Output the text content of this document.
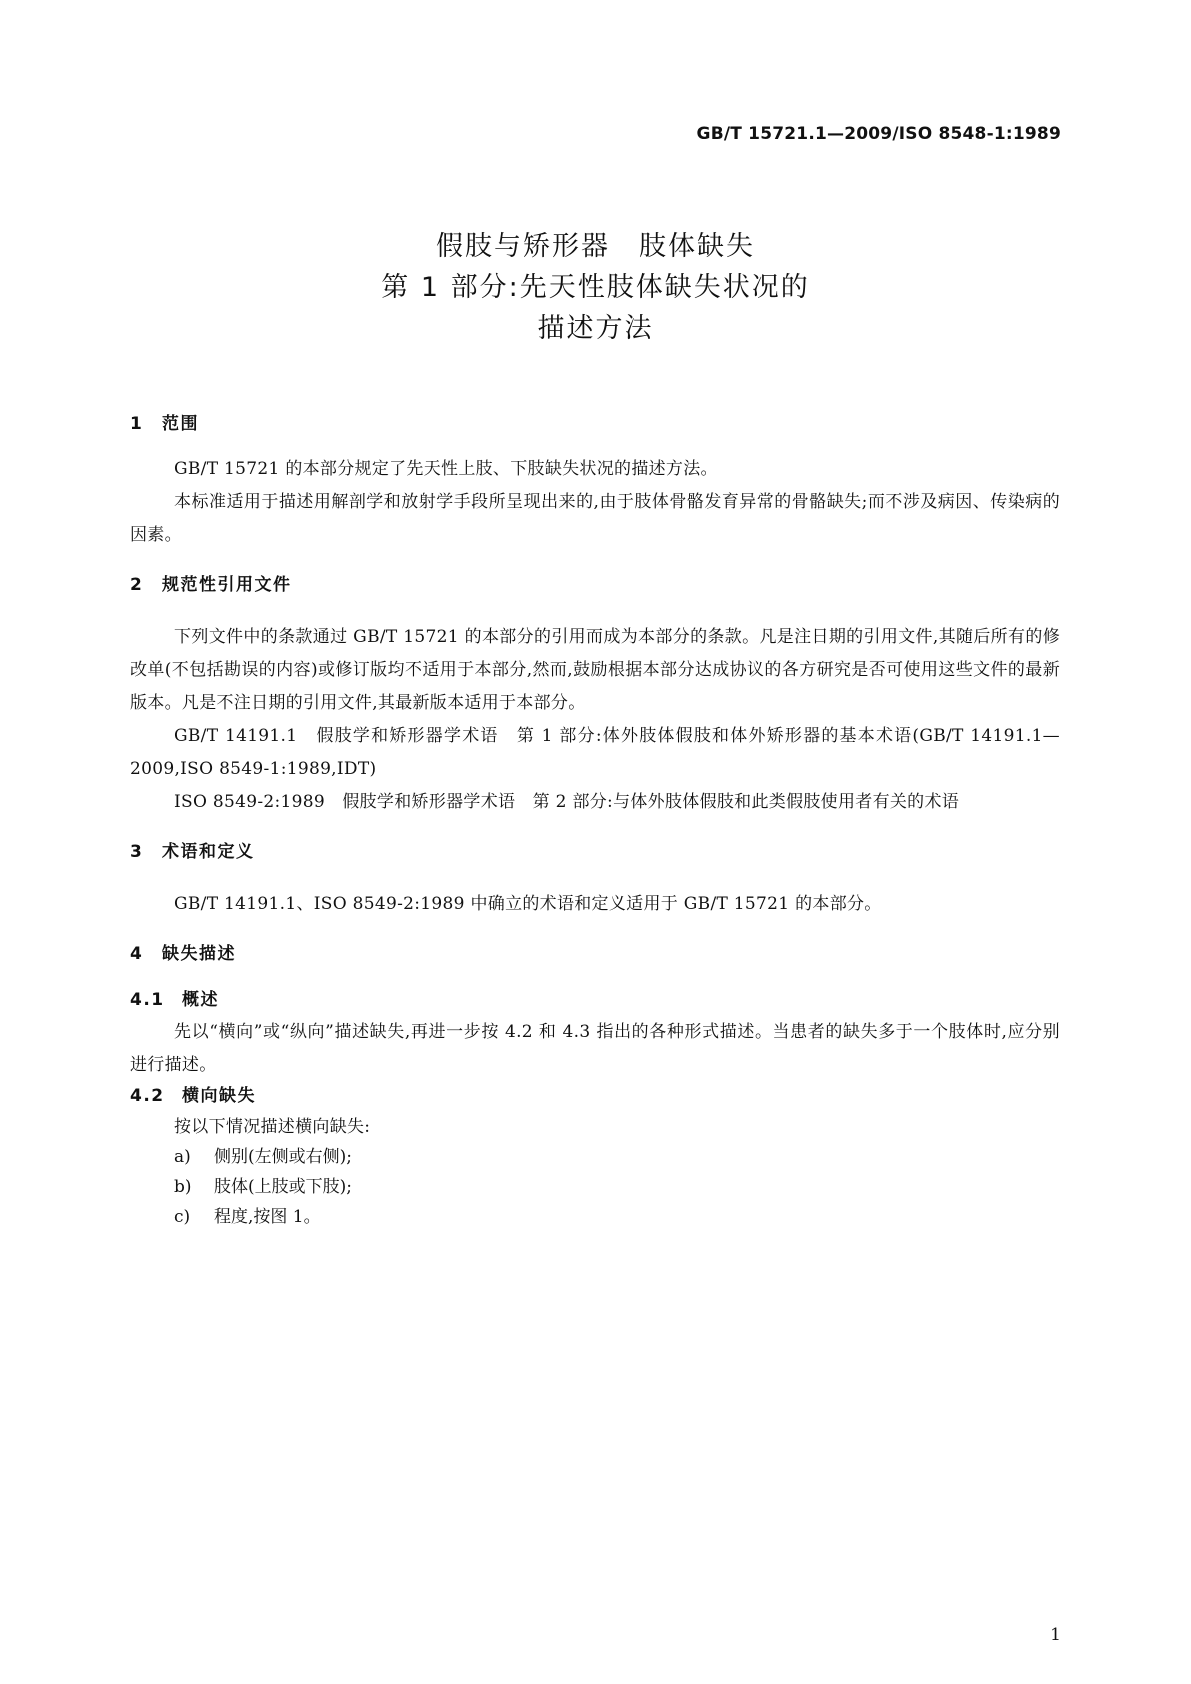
GB/T 15721.1—2009/ISO 8548-1:1989
假肢与矫形器　肢体缺失
第 1 部分:先天性肢体缺失状况的
描述方法
1 范围

GB/T 15721 的本部分规定了先天性上肢、下肢缺失状况的描述方法。

本标准适用于描述用解剖学和放射学手段所呈现出来的,由于肢体骨骼发育异常的骨骼缺失;而不涉及病因、传染病的因素。

2 规范性引用文件

下列文件中的条款通过 GB/T 15721 的本部分的引用而成为本部分的条款。凡是注日期的引用文件,其随后所有的修改单(不包括勘误的内容)或修订版均不适用于本部分,然而,鼓励根据本部分达成协议的各方研究是否可使用这些文件的最新版本。凡是不注日期的引用文件,其最新版本适用于本部分。

GB/T 14191.1　假肢学和矫形器学术语　第 1 部分:体外肢体假肢和体外矫形器的基本术语(GB/T 14191.1—2009,ISO 8549-1:1989,IDT)

ISO 8549-2:1989　假肢学和矫形器学术语　第 2 部分:与体外肢体假肢和此类假肢使用者有关的术语

3 术语和定义

GB/T 14191.1、ISO 8549-2:1989 中确立的术语和定义适用于 GB/T 15721 的本部分。

4 缺失描述
4.1 概述

先以“横向”或“纵向”描述缺失,再进一步按 4.2 和 4.3 指出的各种形式描述。当患者的缺失多于一个肢体时,应分别进行描述。

4.2 横向缺失

按以下情况描述横向缺失:

a) 侧别(左侧或右侧);
b) 肢体(上肢或下肢);
c) 程度,按图 1。
1
